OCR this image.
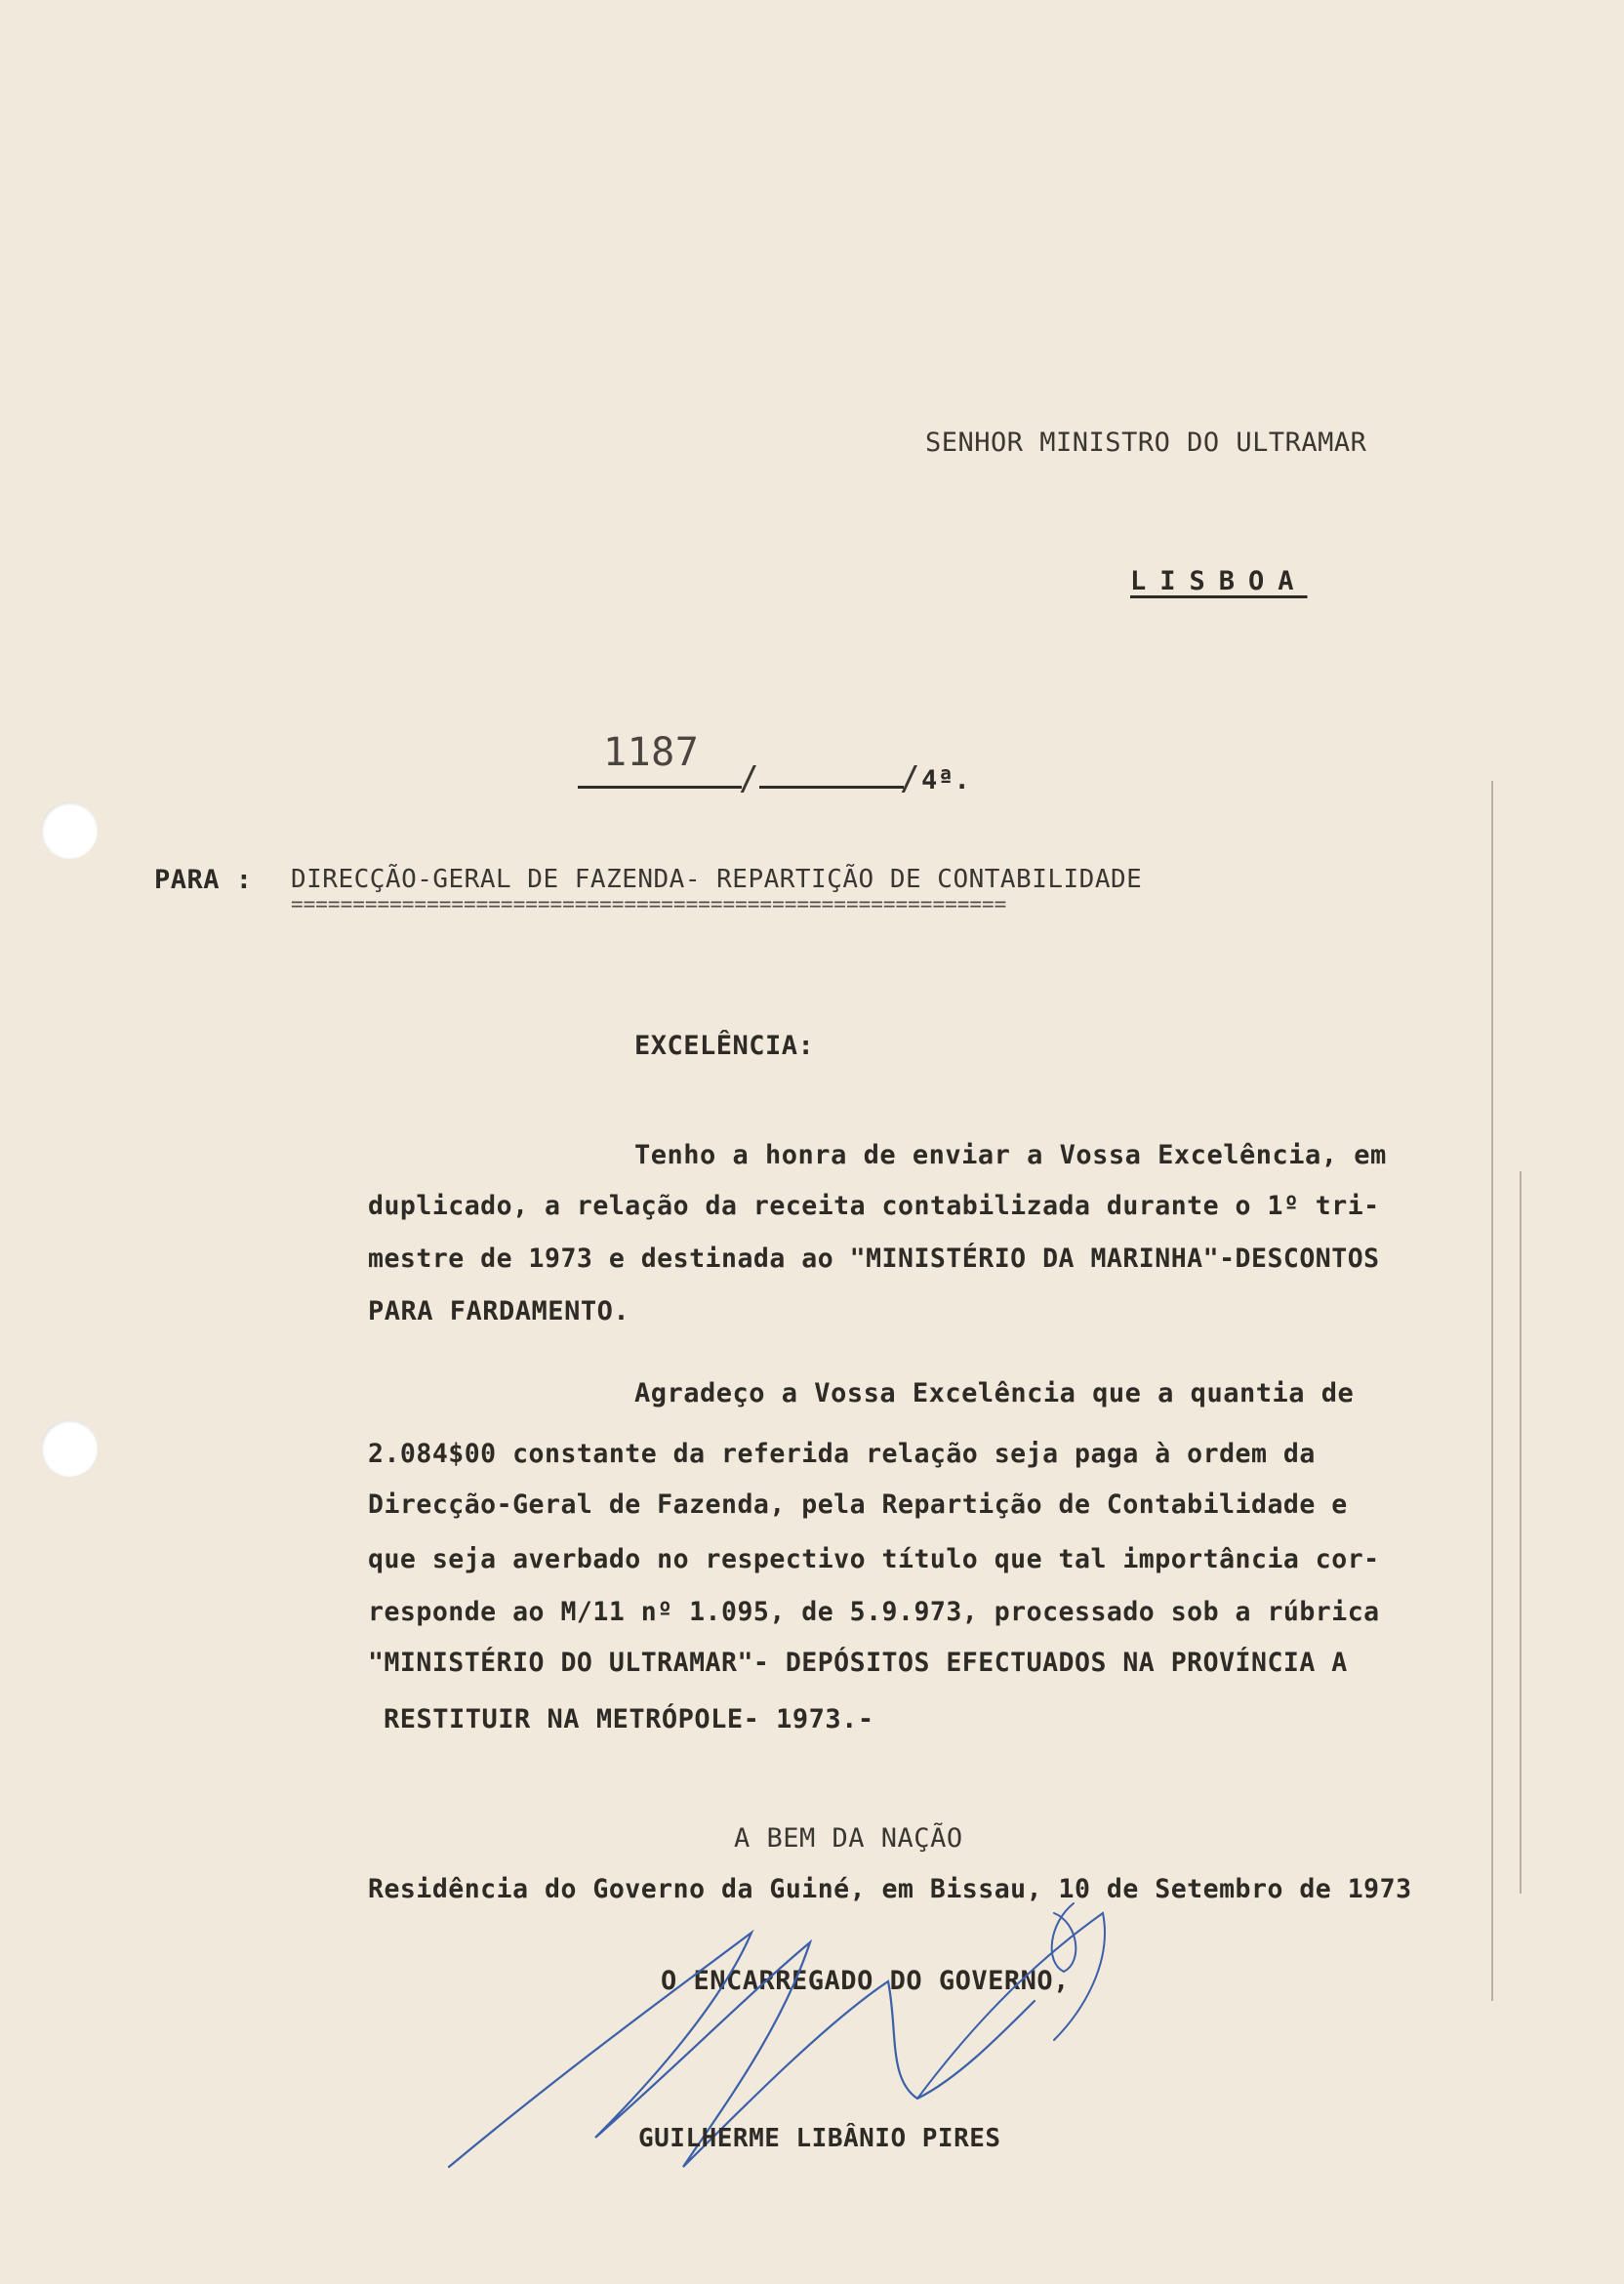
SENHOR MINISTRO DO ULTRAMAR
LISBOA
1187
/	/ 4ª.
PARA : DIRECÇÃO-GERAL DE FAZENDA- REPARTIÇÃO DE CONTABILIDADE
==========================================================
EXCELÊNCIA:
Tenho a honra de enviar a Vossa Excelência, em
duplicado, a relação da receita contabilizada durante o 1º tri-
mestre de 1973 e destinada ao "MINISTÉRIO DA MARINHA"-DESCONTOS
PARA FARDAMENTO.
Agradeço a Vossa Excelência que a quantia de
2.084$00 constante da referida relação seja paga à ordem da
Direcção-Geral de Fazenda, pela Repartição de Contabilidade e
que seja averbado no respectivo título que tal importância cor-
responde ao M/11 nº 1.095, de 5.9.973, processado sob a rúbrica
"MINISTÉRIO DO ULTRAMAR"- DEPÓSITOS EFECTUADOS NA PROVÍNCIA A
RESTITUIR NA METRÓPOLE- 1973.-
A BEM DA NAÇÃO
Residência do Governo da Guiné, em Bissau, 10 de Setembro de 1973
O ENCARREGADO DO GOVERNO,
GUILHERME LIBÂNIO PIRES
